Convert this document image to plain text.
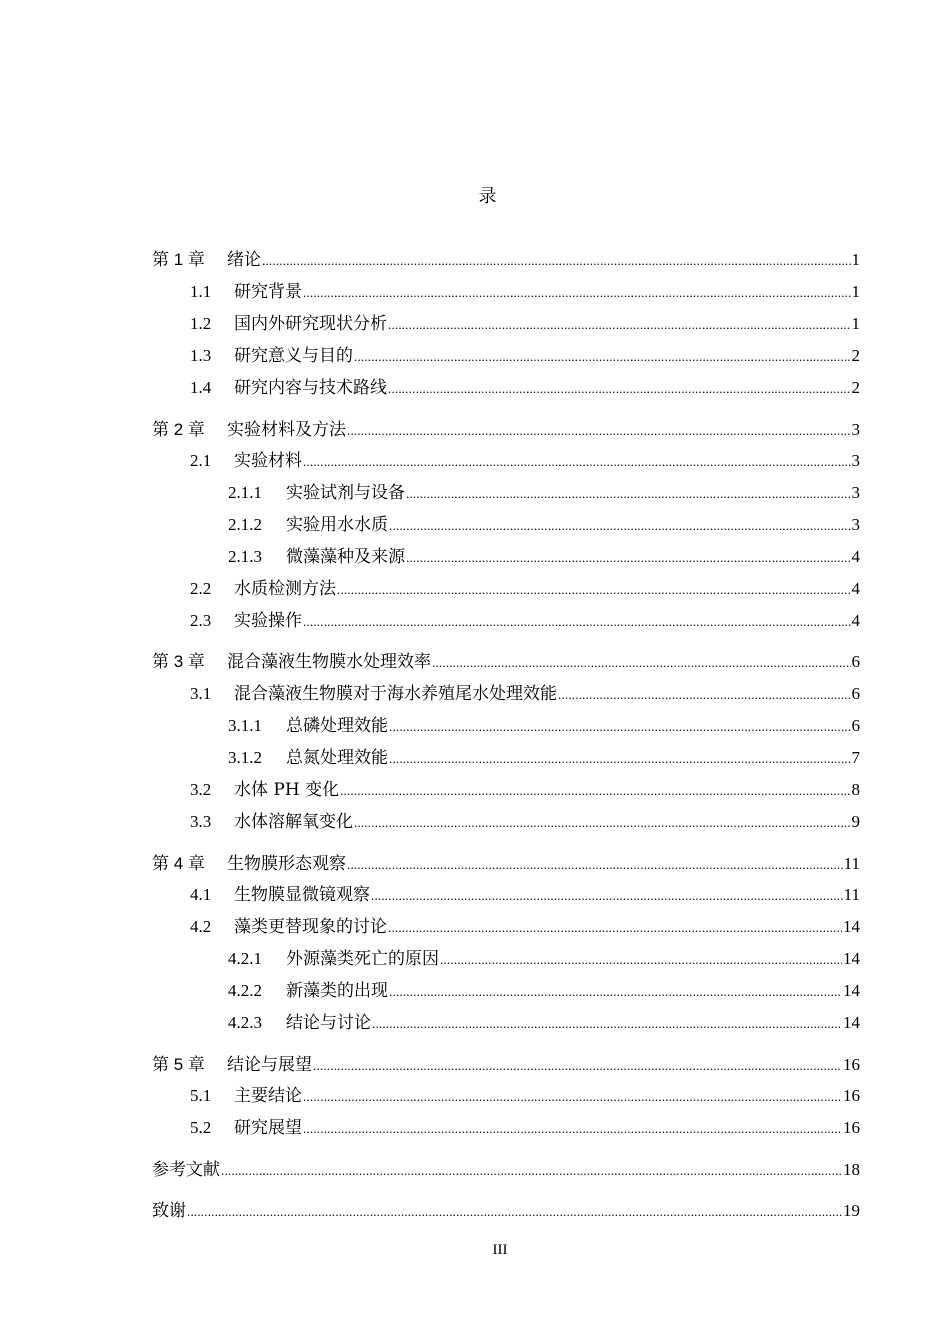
录
第 1 章	绪论 .....	1
1.1	研究背景 .....	1
1.2	国内外研究现状分析 .....	1
1.3	研究意义与目的 .....	2
1.4	研究内容与技术路线 .....	2
第 2 章	实验材料及方法 .....	3
2.1	实验材料 .....	3
2.1.1	实验试剂与设备 .....	3
2.1.2	实验用水水质 .....	3
2.1.3	微藻藻种及来源 .....	4
2.2	水质检测方法 .....	4
2.3	实验操作 .....	4
第 3 章	混合藻液生物膜水处理效率 .....	6
3.1	混合藻液生物膜对于海水养殖尾水处理效能 .....	6
3.1.1	总磷处理效能 .....	6
3.1.2	总氮处理效能 .....	7
3.2	水体 PH 变化 .....	8
3.3	水体溶解氧变化 .....	9
第 4 章	生物膜形态观察 .....	11
4.1	生物膜显微镜观察 .....	11
4.2	藻类更替现象的讨论 .....	14
4.2.1	外源藻类死亡的原因 .....	14
4.2.2	新藻类的出现 .....	14
4.2.3	结论与讨论 .....	14
第 5 章	结论与展望 .....	16
5.1	主要结论 .....	16
5.2	研究展望 .....	16
参考文献 .....	18
致谢 .....	19
III
